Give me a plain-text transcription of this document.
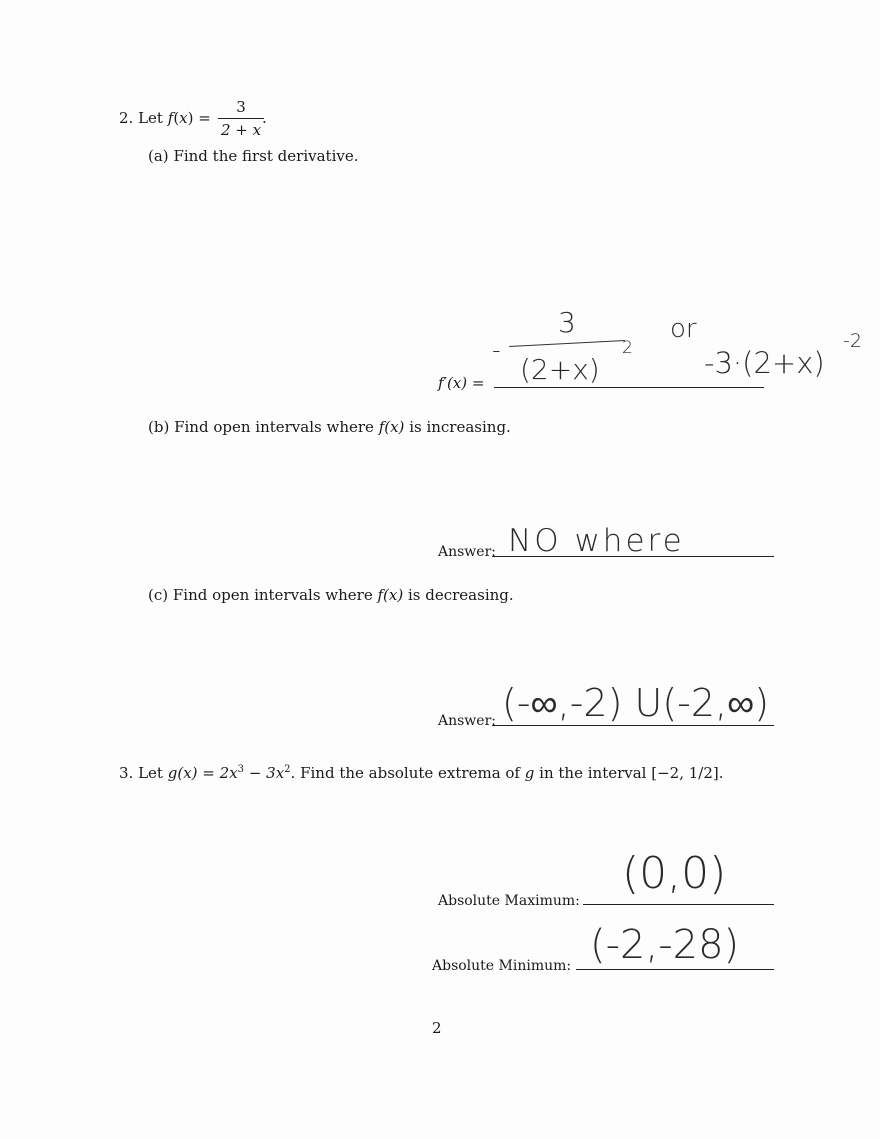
2. Let f(x) =
3
2 + x
.
(a) Find the first derivative.
f′(x) =
-
3
(2+x)
2
or
-3·(2+x)
-2
(b) Find open intervals where f(x) is increasing.
Answer: NO where
(c) Find open intervals where f(x) is decreasing.
Answer: (-∞,-2) U(-2,∞)
3. Let $g(x) = 2x^3 - 3x^2$. Find the absolute extrema of g in the interval [−2, 1/2].
Absolute Maximum:
(0,0)
Absolute Minimum: (-2,-28)
2
